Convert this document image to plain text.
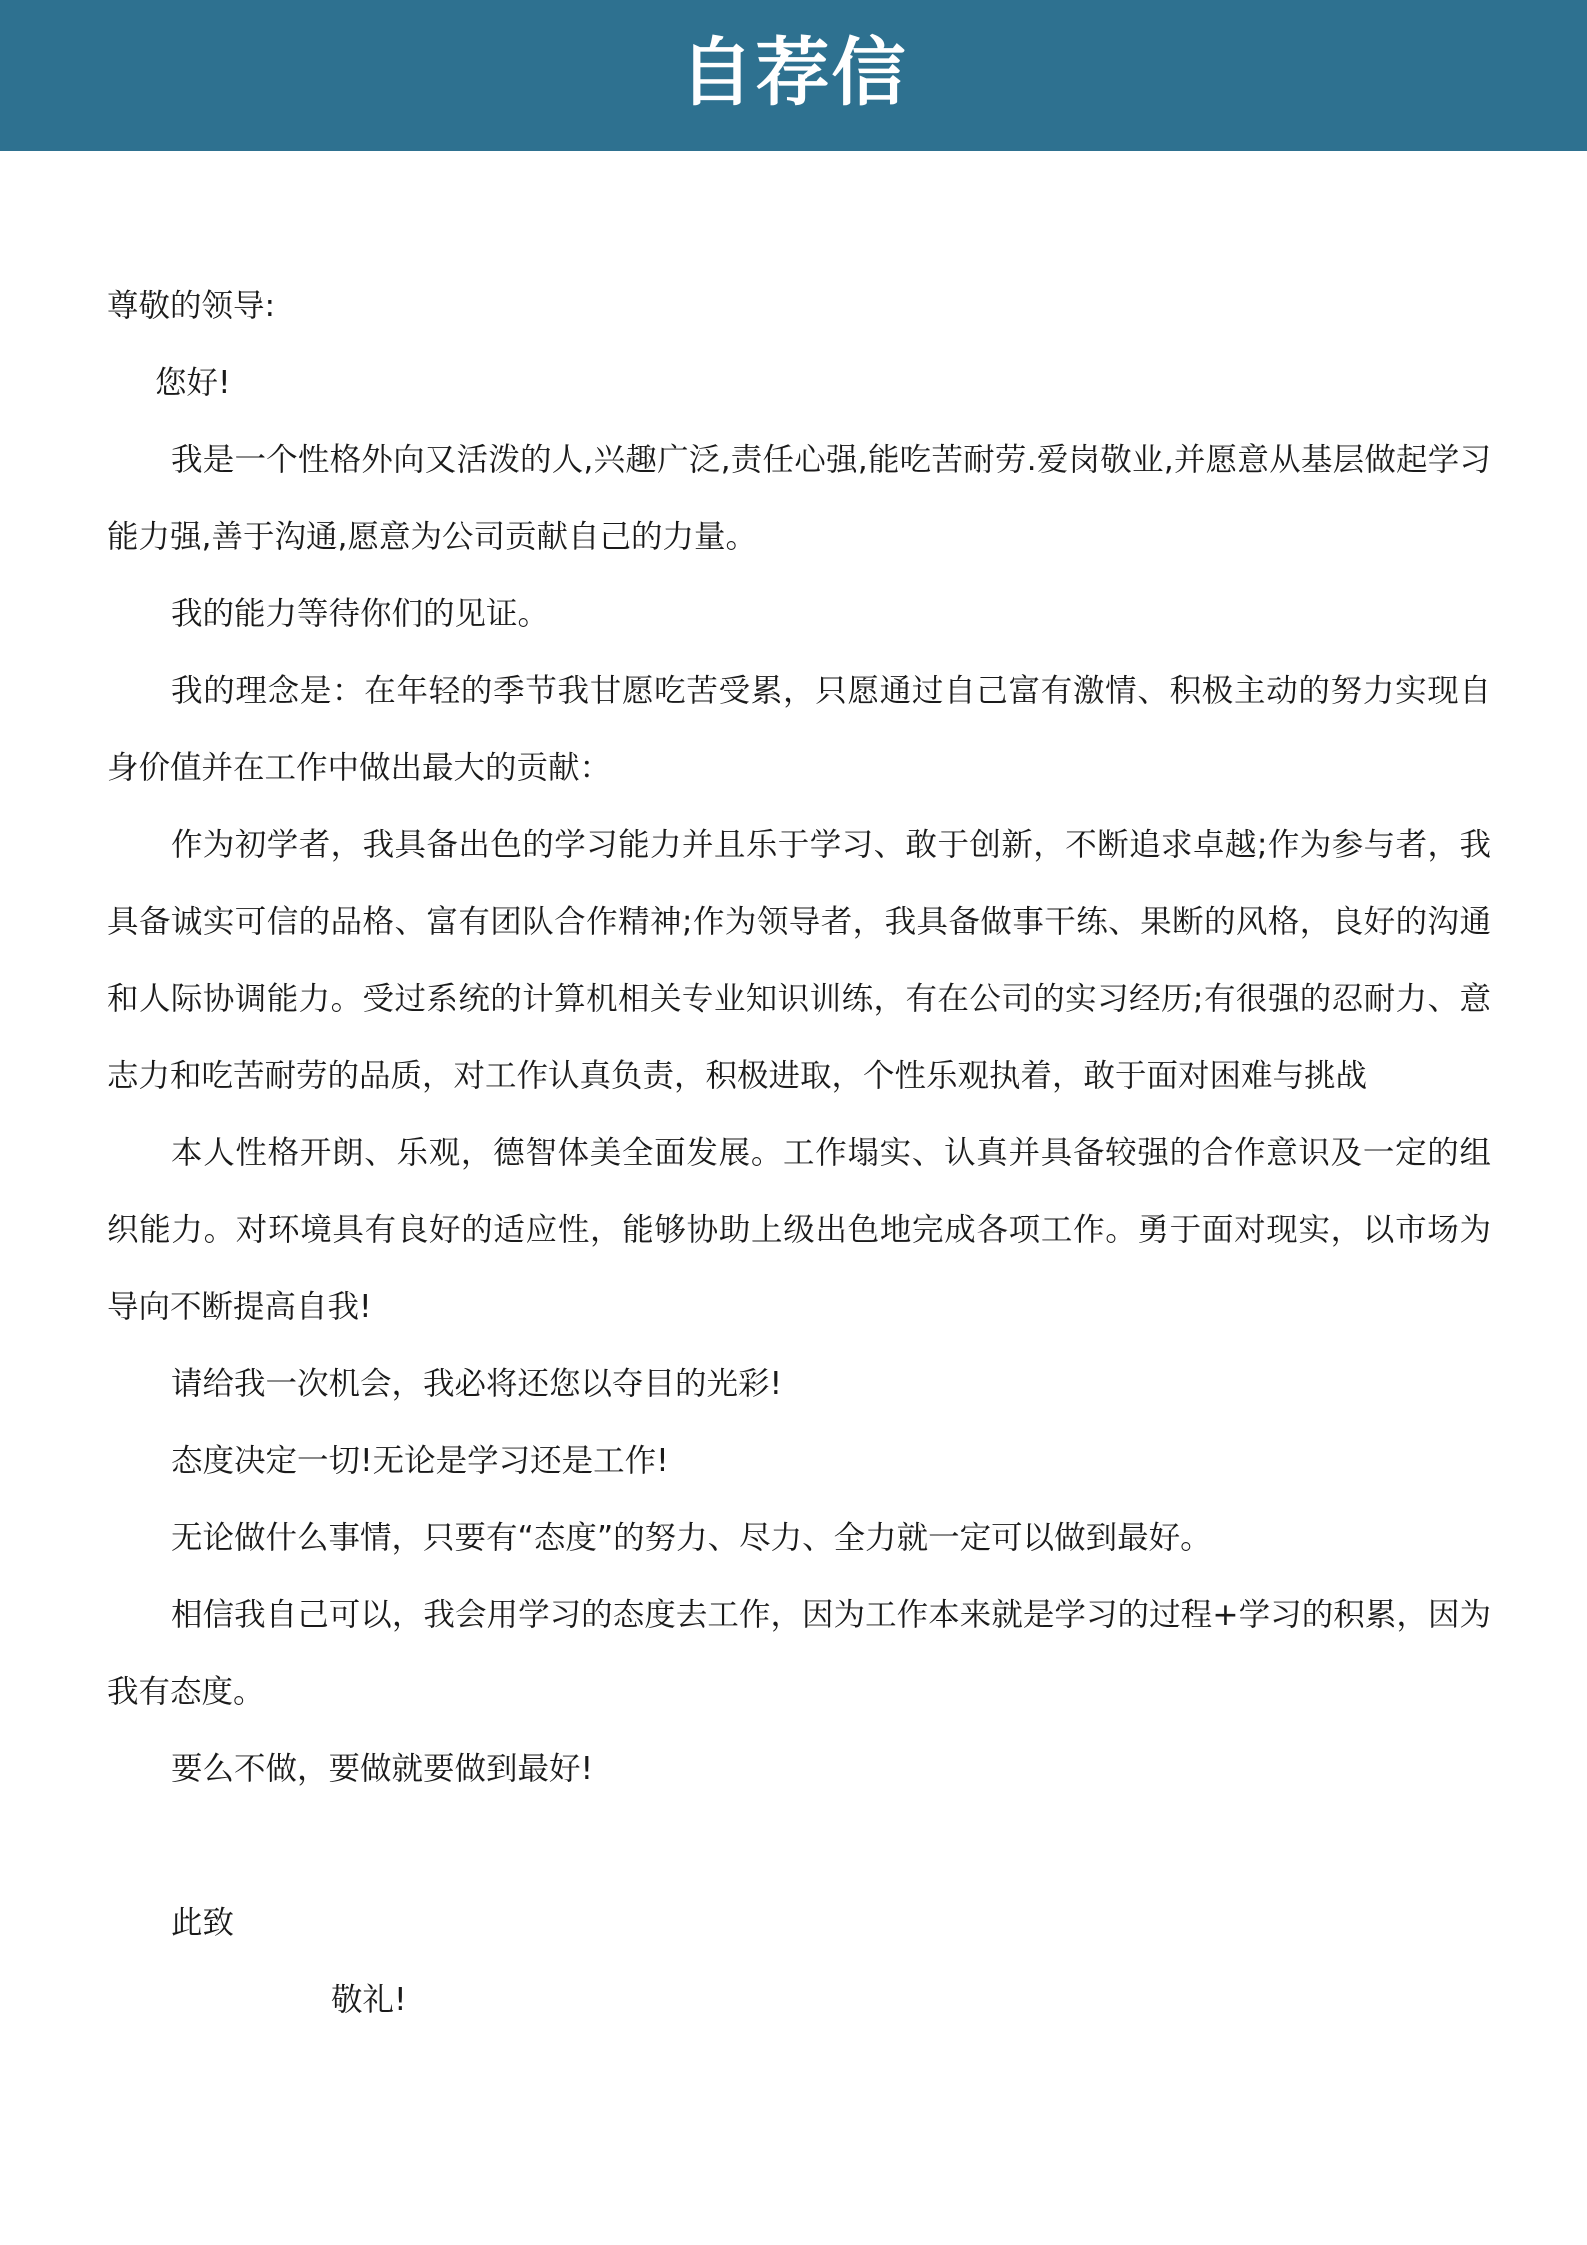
自荐信

尊敬的领导:

您好!

我是一个性格外向又活泼的人,兴趣广泛,责任心强,能吃苦耐劳.爱岗敬业,并愿意从基层做起学习能力强,善于沟通,愿意为公司贡献自己的力量。

我的能力等待你们的见证。

我的理念是：在年轻的季节我甘愿吃苦受累，只愿通过自己富有激情、积极主动的努力实现自身价值并在工作中做出最大的贡献：

作为初学者，我具备出色的学习能力并且乐于学习、敢于创新，不断追求卓越;作为参与者，我具备诚实可信的品格、富有团队合作精神;作为领导者，我具备做事干练、果断的风格，良好的沟通和人际协调能力。受过系统的计算机相关专业知识训练，有在公司的实习经历;有很强的忍耐力、意志力和吃苦耐劳的品质，对工作认真负责，积极进取，个性乐观执着，敢于面对困难与挑战

本人性格开朗、乐观，德智体美全面发展。工作塌实、认真并具备较强的合作意识及一定的组织能力。对环境具有良好的适应性，能够协助上级出色地完成各项工作。勇于面对现实，以市场为导向不断提高自我!

请给我一次机会，我必将还您以夺目的光彩!

态度决定一切!无论是学习还是工作!

无论做什么事情，只要有“态度”的努力、尽力、全力就一定可以做到最好。

相信我自己可以，我会用学习的态度去工作，因为工作本来就是学习的过程+学习的积累，因为我有态度。

要么不做，要做就要做到最好!

此致

敬礼!
